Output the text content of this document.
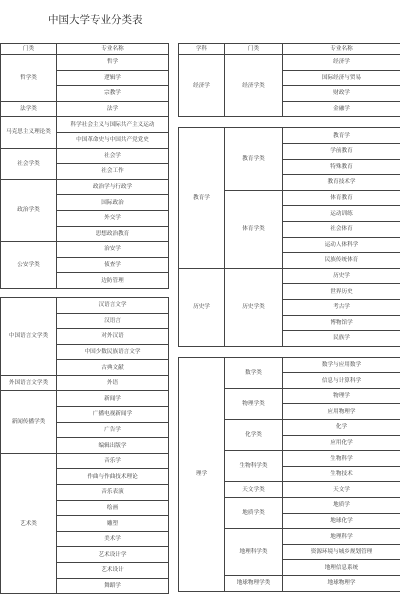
中国大学专业分类表
门类	专业名称
哲学类	哲学
	逻辑学
	宗教学
法学类	法学
马克思主义理论类	科学社会主义与国际共产主义运动
	中国革命史与中国共产党党史
社会学类	社会学
	社会工作
政治学类	政治学与行政学
	国际政治
	外交学
	思想政治教育
公安学类	治安学
	侦查学
	边防管理

中国语言文学类	汉语言文学
	汉语言
	对外汉语
	中国少数民族语言文学
	古典文献
外国语言文学类	外语
新闻传播学类	新闻学
	广播电视新闻学
	广告学
	编辑出版学
艺术类	音乐学
	作曲与作曲技术理论
	音乐表演
	绘画
	雕塑
	美术学
	艺术设计学
	艺术设计
	舞蹈学
学科	门类	专业名称
经济学	经济学类	经济学
		国际经济与贸易
		财政学
		金融学

教育学	教育学类	教育学
		学前教育
		特殊教育
		教育技术学
	体育学类	体育教育
		运动训练
		社会体育
		运动人体科学
		民族传统体育
历史学	历史学类	历史学
		世界历史
		考古学
		博物馆学
		民族学

理学	数学类	数学与应用数学
		信息与计算科学
	物理学类	物理学
		应用物理学
	化学类	化学
		应用化学
	生物科学类	生物科学
		生物技术
	天文学类	天文学
	地质学类	地质学
		地球化学
	地理科学类	地理科学
		资源环境与城乡规划管理
		地理信息系统
	地球物理学类	地球物理学
